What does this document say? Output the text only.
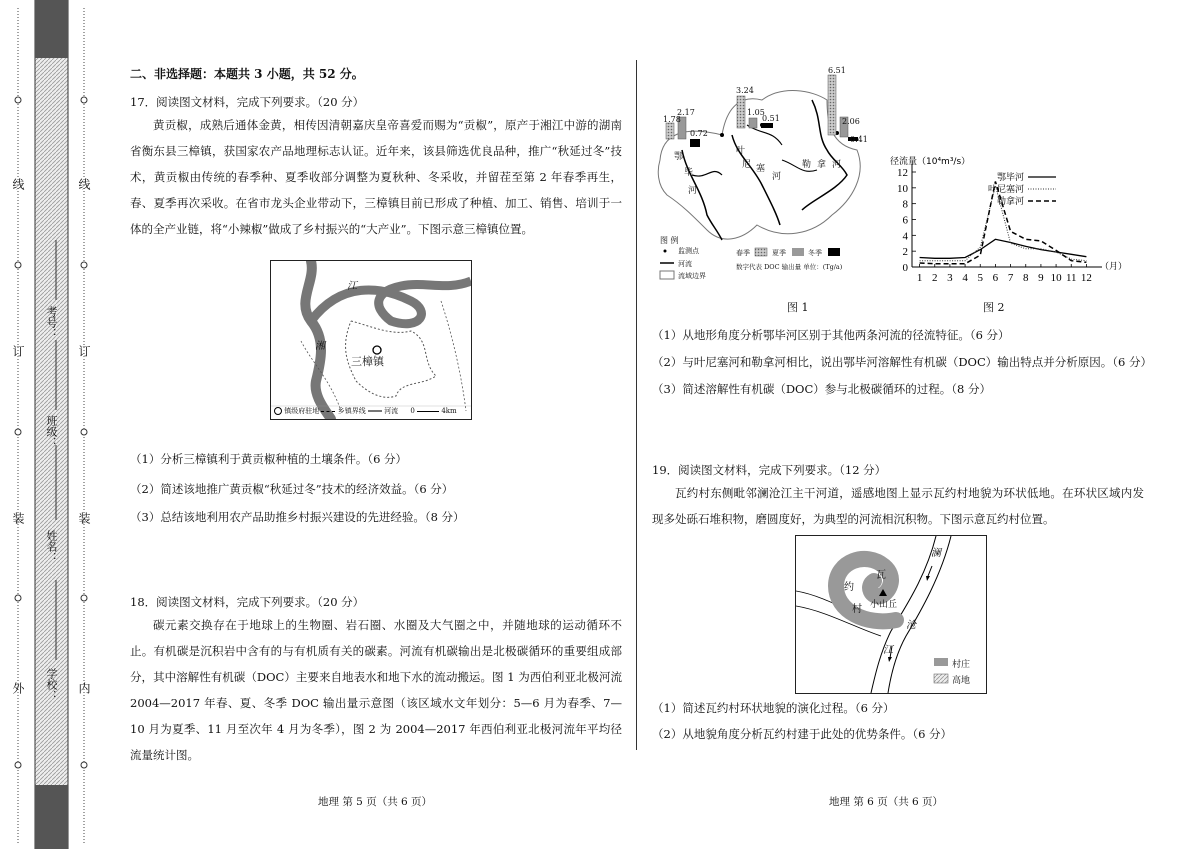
外
装
订
线
内
装
订
线
考号：
班级：
姓名：
学校：
二、非选择题：本题共 3 小题，共 52 分。
17．阅读图文材料，完成下列要求。（20 分）

黄贡椒，成熟后通体金黄，相传因清朝嘉庆皇帝喜爱而赐为“贡椒”，原产于湘江中游的湖南省衡东县三樟镇，获国家农产品地理标志认证。近年来，该县筛选优良品种，推广“秋延过冬”技术，黄贡椒由传统的春季种、夏季收部分调整为夏秋种、冬采收，并留茬至第 2 年春季再生，春、夏季再次采收。在省市龙头企业带动下，三樟镇目前已形成了种植、加工、销售、培训于一体的全产业链，将“小辣椒”做成了乡村振兴的“大产业”。下图示意三樟镇位置。

江
湘
三樟镇
镇级府驻地	乡镇界线	河流 0	4km
（1）分析三樟镇利于黄贡椒种植的土壤条件。（6 分）
（2）简述该地推广黄贡椒“秋延过冬”技术的经济效益。（6 分）
（3）总结该地利用农产品助推乡村振兴建设的先进经验。（8 分）
18．阅读图文材料，完成下列要求。（20 分）

碳元素交换存在于地球上的生物圈、岩石圈、水圈及大气圈之中，并随地球的运动循环不止。有机碳是沉积岩中含有的与有机质有关的碳素。河流有机碳输出是北极碳循环的重要组成部分，其中溶解性有机碳（DOC）主要来自地表水和地下水的流动搬运。图 1 为西伯利亚北极河流 2004—2017 年春、夏、冬季 DOC 输出量示意图（该区域水文年划分：5—6 月为春季、7—10 月为夏季、11 月至次年 4 月为冬季），图 2 为 2004—2017 年西伯利亚北极河流年平均径流量统计图。

地理 第 5 页（共 6 页）
1.78
2.17
0.72
3.24
1.05
0.51
6.51
2.06
0.41
鄂
毕
河
叶
尼 塞
河
勒 拿 河
图 例
监测点
河流
流域边界
春季	夏季	冬季
数字代表 DOC 输出量 单位：(Tg/a)
图 1
0
2
4
6
8
10
12
1 2 3 4 5 6 7 8 9 10 11 12
径流量（10⁴m³/s）
（月）
鄂毕河
叶尼塞河
勒拿河
图 2
（1）从地形角度分析鄂毕河区别于其他两条河流的径流特征。（6 分）
（2）与叶尼塞河和勒拿河相比，说出鄂毕河溶解性有机碳（DOC）输出特点并分析原因。（6 分）
（3）简述溶解性有机碳（DOC）参与北极碳循环的过程。（8 分）
19．阅读图文材料，完成下列要求。（12 分）

瓦约村东侧毗邻澜沧江主干河道，遥感地图上显示瓦约村地貌为环状低地。在环状区域内发现多处砾石堆积物，磨圆度好，为典型的河流相沉积物。下图示意瓦约村位置。

澜
沧
江
瓦
约
村 小山丘
村庄
高地
（1）简述瓦约村环状地貌的演化过程。（6 分）
（2）从地貌角度分析瓦约村建于此处的优势条件。（6 分）
地理 第 6 页（共 6 页）
